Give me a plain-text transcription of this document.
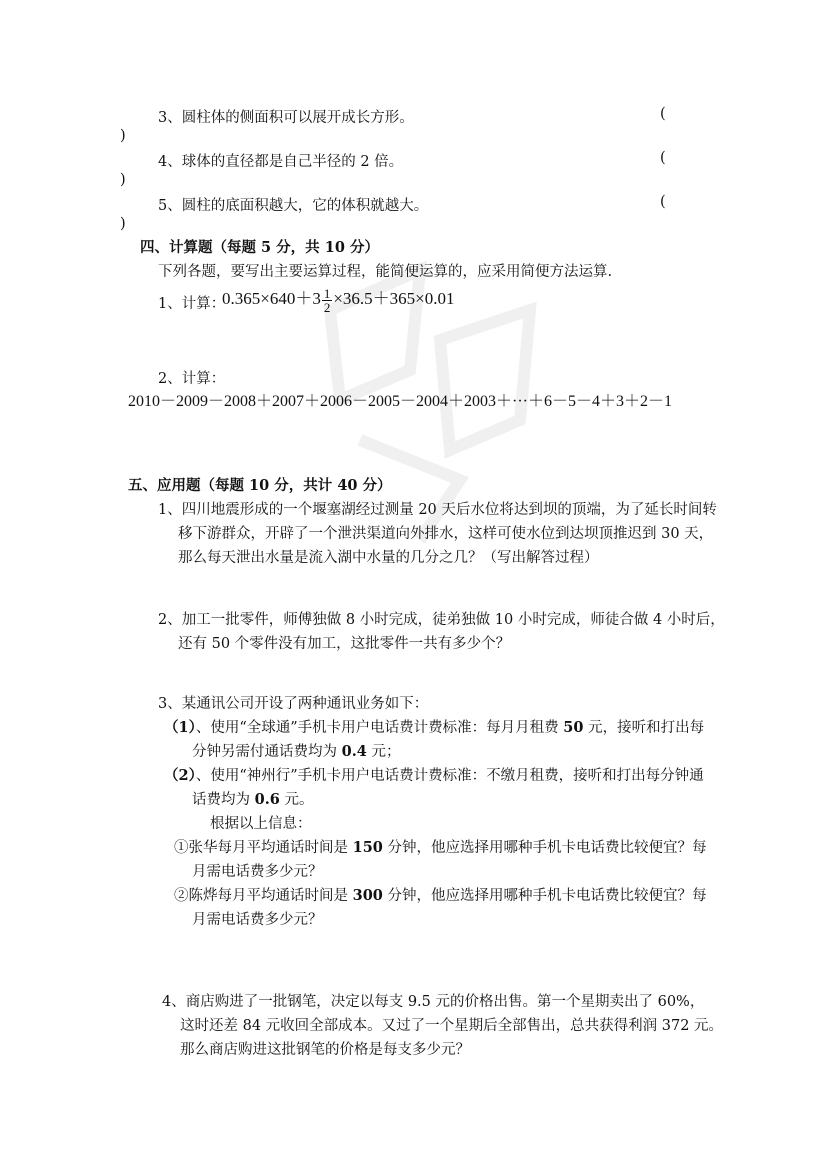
3、圆柱体的侧面积可以展开成长方形。	(
)
4、球体的直径都是自己半径的 2 倍。	(
)
5、圆柱的底面积越大，它的体积就越大。	(
)
四、计算题（每题 5 分，共 10 分）
下列各题，要写出主要运算过程，能简便运算的，应采用简便方法运算.
1、计算：
$0.365\times 640+3 \frac{1}{2} \times 36.5+365\times 0.01$
2、计算：
2010－2009－2008＋2007＋2006－2005－2004＋2003＋···＋6－5－4＋3＋2－1
五、应用题（每题 10 分，共计 40 分）
1、四川地震形成的一个堰塞湖经过测量 20 天后水位将达到坝的顶端，为了延长时间转
移下游群众，开辟了一个泄洪渠道向外排水，这样可使水位到达坝顶推迟到 30 天，
那么每天泄出水量是流入湖中水量的几分之几？（写出解答过程）
2、加工一批零件，师傅独做 8 小时完成，徒弟独做 10 小时完成，师徒合做 4 小时后，
还有 50 个零件没有加工，这批零件一共有多少个？
3、某通讯公司开设了两种通讯业务如下：
（1）、使用“全球通”手机卡用户电话费计费标准：每月月租费 50 元，接听和打出每
分钟另需付通话费均为 0.4 元；
（2）、使用“神州行”手机卡用户电话费计费标准：不缴月租费，接听和打出每分钟通
话费均为 0.6 元。
根据以上信息：
①张华每月平均通话时间是 150 分钟，他应选择用哪种手机卡电话费比较便宜？每
月需电话费多少元？
②陈烨每月平均通话时间是 300 分钟，他应选择用哪种手机卡电话费比较便宜？每
月需电话费多少元？
4、商店购进了一批钢笔，决定以每支 9.5 元的价格出售。第一个星期卖出了 60%，
这时还差 84 元收回全部成本。又过了一个星期后全部售出，总共获得利润 372 元。
那么商店购进这批钢笔的价格是每支多少元？
